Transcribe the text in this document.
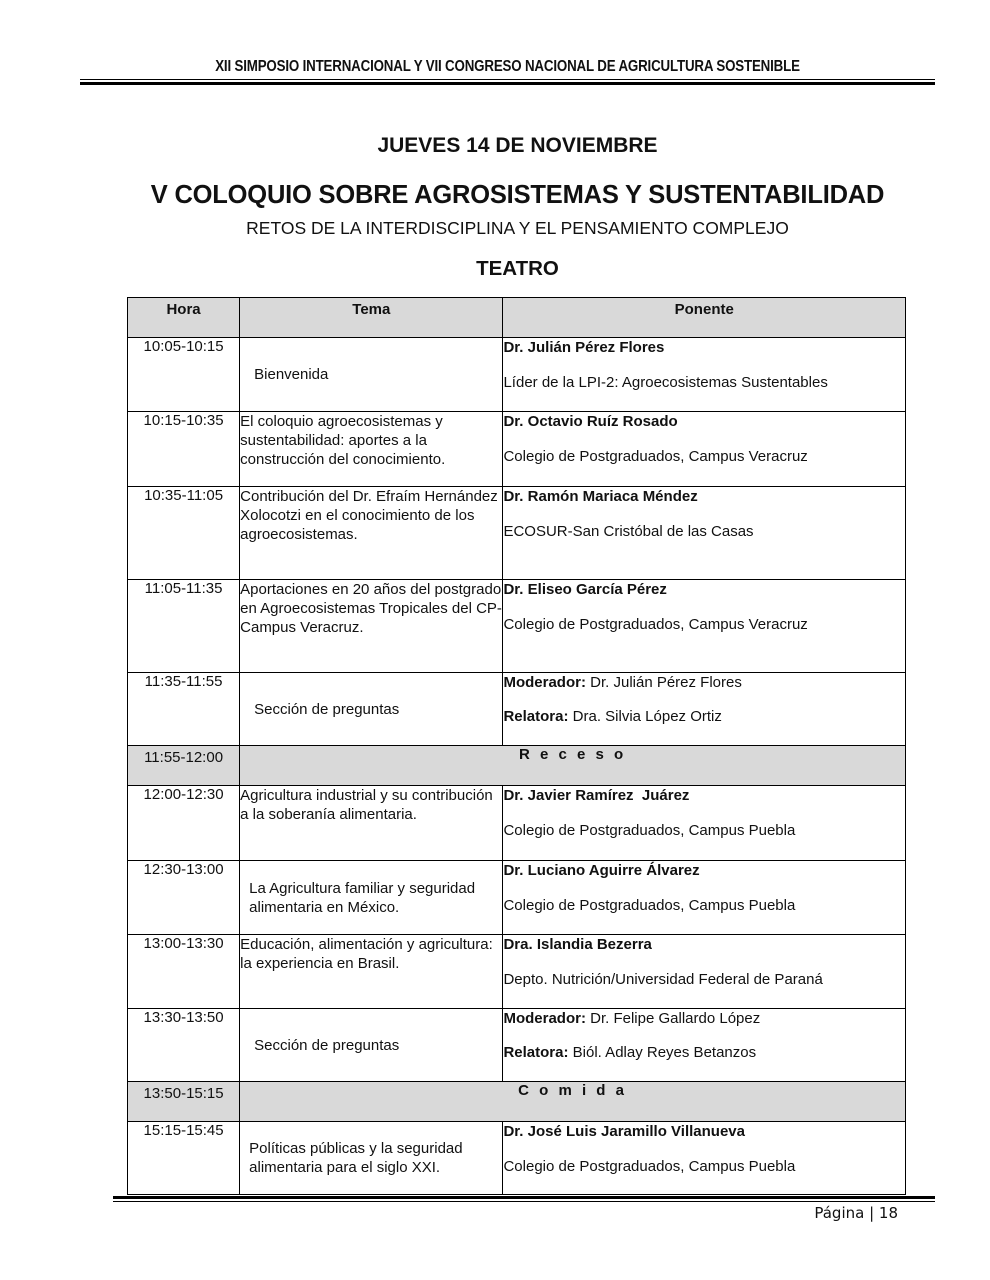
XII SIMPOSIO INTERNACIONAL Y VII CONGRESO NACIONAL DE AGRICULTURA SOSTENIBLE
JUEVES 14 DE NOVIEMBRE
V COLOQUIO SOBRE AGROSISTEMAS Y SUSTENTABILIDAD
RETOS DE LA INTERDISCIPLINA Y EL PENSAMIENTO COMPLEJO
TEATRO
Hora	Tema	Ponente
10:05-10:15	Bienvenida	Dr. Julián Pérez Flores
Líder de la LPI-2: Agroecosistemas Sustentables

10:15-10:35	El coloquio agroecosistemas y sustentabilidad: aportes a la construcción del conocimiento.	Dr. Octavio Ruíz Rosado
Colegio de Postgraduados, Campus Veracruz

10:35-11:05	Contribución del Dr. Efraím Hernández Xolocotzi en el conocimiento de los agroecosistemas.	Dr. Ramón Mariaca Méndez
ECOSUR-San Cristóbal de las Casas

11:05-11:35	Aportaciones en 20 años del postgrado en Agroecosistemas Tropicales del CP-Campus Veracruz.	Dr. Eliseo García Pérez
Colegio de Postgraduados, Campus Veracruz

11:35-11:55	Sección de preguntas	Moderador: Dr. Julián Pérez Flores
Relatora: Dra. Silvia López Ortiz

11:55-12:00	R e c e s o	
12:00-12:30	Agricultura industrial y su contribución a la soberanía alimentaria.	Dr. Javier Ramírez  Juárez
Colegio de Postgraduados, Campus Puebla

12:30-13:00	La Agricultura familiar y seguridad alimentaria en México.	Dr. Luciano Aguirre Álvarez
Colegio de Postgraduados, Campus Puebla

13:00-13:30	Educación, alimentación y agricultura: la experiencia en Brasil.	Dra. Islandia Bezerra
Depto. Nutrición/Universidad Federal de Paraná

13:30-13:50	Sección de preguntas	Moderador: Dr. Felipe Gallardo López
Relatora: Biól. Adlay Reyes Betanzos

13:50-15:15	C o m i d a	
15:15-15:45	Políticas públicas y la seguridad alimentaria para el siglo XXI.	Dr. José Luis Jaramillo Villanueva
Colegio de Postgraduados, Campus Puebla
Página | 18
